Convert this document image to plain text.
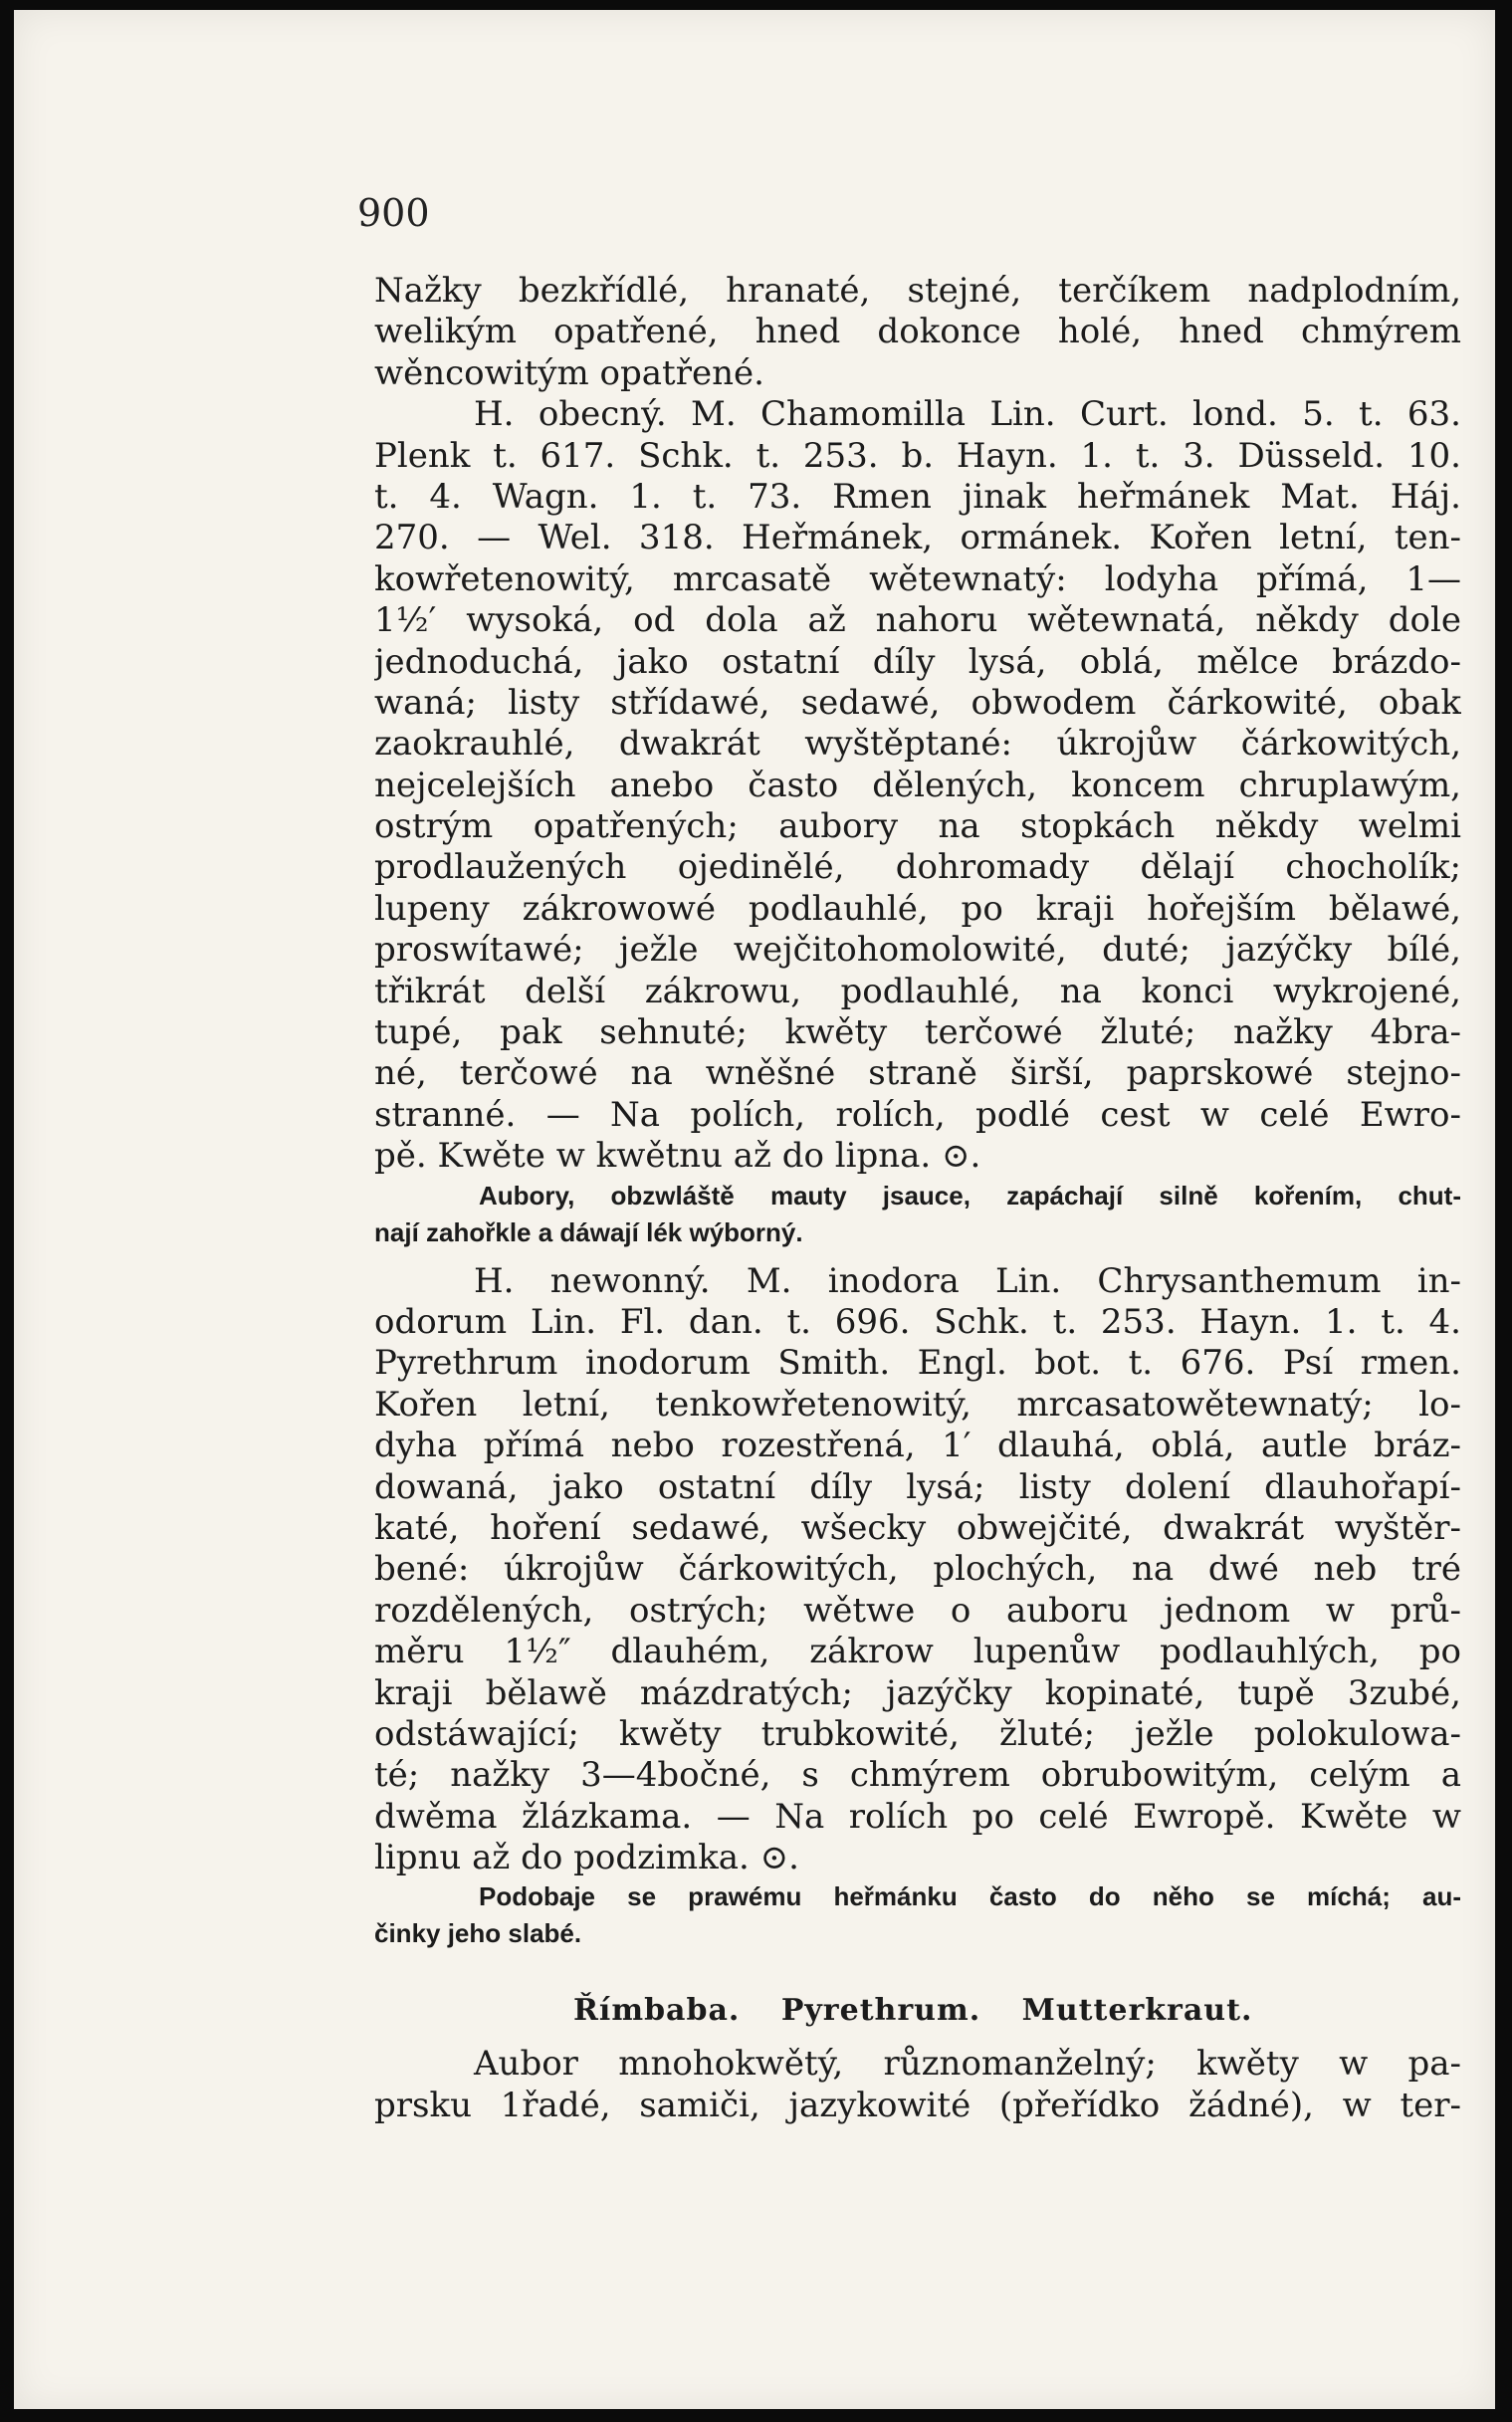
900
Nažky bezkřídlé, hranaté, stejné, terčíkem nadplodním,
welikým opatřené, hned dokonce holé, hned chmýrem
wěncowitým opatřené.
H. obecný. M. Chamomilla Lin. Curt. lond. 5. t. 63.
Plenk t. 617. Schk. t. 253. b. Hayn. 1. t. 3. Düsseld. 10.
t. 4. Wagn. 1. t. 73. Rmen jinak heřmánek Mat. Háj.
270. — Wel. 318. Heřmánek, ormánek. Kořen letní, ten-
kowřetenowitý, mrcasatě wětewnatý: lodyha přímá, 1—
1½′ wysoká, od dola až nahoru wětewnatá, někdy dole
jednoduchá, jako ostatní díly lysá, oblá, mělce brázdo-
waná; listy střídawé, sedawé, obwodem čárkowité, obak
zaokrauhlé, dwakrát wyštěptané: úkrojůw čárkowitých,
nejcelejších anebo často dělených, koncem chruplawým,
ostrým opatřených; aubory na stopkách někdy welmi
prodlaužených ojedinělé, dohromady dělají chocholík;
lupeny zákrowowé podlauhlé, po kraji hořejším bělawé,
proswítawé; ježle wejčitohomolowité, duté; jazýčky bílé,
třikrát delší zákrowu, podlauhlé, na konci wykrojené,
tupé, pak sehnuté; kwěty terčowé žluté; nažky 4bra-
né, terčowé na wněšné straně širší, paprskowé stejno-
stranné. — Na polích, rolích, podlé cest w celé Ewro-
pě. Kwěte w kwětnu až do lipna. ⊙.
Aubory, obzwláště mauty jsauce, zapáchají silně kořením, chut-
nají zahořkle a dáwají lék wýborný.
H. newonný. M. inodora Lin. Chrysanthemum in-
odorum Lin. Fl. dan. t. 696. Schk. t. 253. Hayn. 1. t. 4.
Pyrethrum inodorum Smith. Engl. bot. t. 676. Psí rmen.
Kořen letní, tenkowřetenowitý, mrcasatowětewnatý; lo-
dyha přímá nebo rozestřená, 1′ dlauhá, oblá, autle bráz-
dowaná, jako ostatní díly lysá; listy dolení dlauhořapí-
katé, hoření sedawé, wšecky obwejčité, dwakrát wyštěr-
bené: úkrojůw čárkowitých, plochých, na dwé neb tré
rozdělených, ostrých; wětwe o auboru jednom w prů-
měru 1½″ dlauhém, zákrow lupenůw podlauhlých, po
kraji bělawě mázdratých; jazýčky kopinaté, tupě 3zubé,
odstáwající; kwěty trubkowité, žluté; ježle polokulowa-
té; nažky 3—4bočné, s chmýrem obrubowitým, celým a
dwěma žlázkama. — Na rolích po celé Ewropě. Kwěte w
lipnu až do podzimka. ⊙.
Podobaje se prawému heřmánku často do něho se míchá; au-
činky jeho slabé.
Římbaba. Pyrethrum. Mutterkraut.
Aubor mnohokwětý, různomanželný; kwěty w pa-
prsku 1řadé, samiči, jazykowité (přeřídko žádné), w ter-
